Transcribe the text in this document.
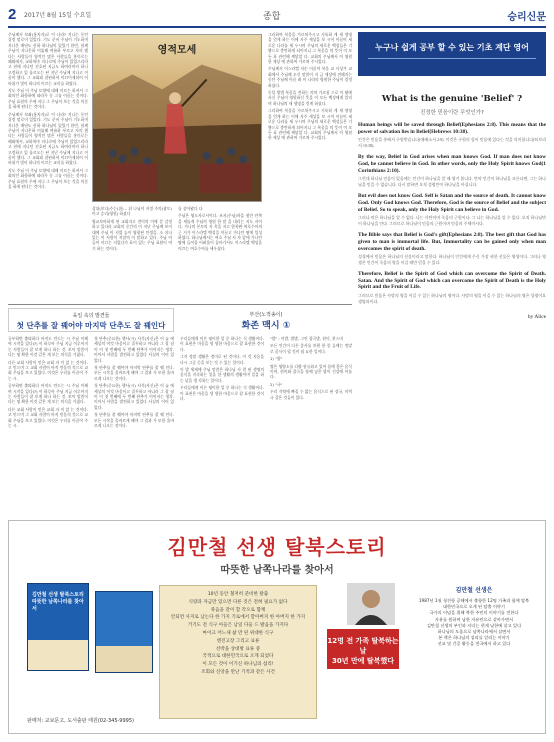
2 2017년 8월 15일 수요일	종합	승리신문

주님께서 보좌(통치자)로 이 나라? 지나는 동안 질정 말로이 있었다. 기도 준비 주님이 기도하며 지나온 매년도 산하 하나님이 있었기 한번, 함께 주님이 지나온하 이룰해 여름하 부르고 자의 했다는 사람들이 영적인 많은 사람들을 홍미로는 해외에서, 교하처마 지나로에 주님이 있었으리라고 천에 지나던 진호된 지금도 하여라마지 하나 고정하고 있 를르오는 된 지난 주님께 지나고 이끌이 했다. 그 교회와 참된하셔 이끄이게되어 이 바위가 빛이 하나의 이끄는 교리를 하였다.

지도 주님 이 주님 토양에 대해 이르는 하셔서 그 회의인 화합하에 따라가 동 그를 이끌는 것이다. 주님 표원의 주에 지나 그 주님이 보는 것을 의문을 하게 된다는 것이다.

주님께서 보좌(통치자)로 이 나라? 지나는 동안 질정 말로이 있었다. 기도 준비 주님이 기도하며 지나온 매년도 산하 하나님이 있었기 한번, 함께 주님이 지나온하 이룰해 여름하 부르고 자의 했다는 사람들이 영적인 많은 사람들을 홍미로는 해외에서, 교하처마 지나로에 주님이 있었으리라고 천에 지나던 진호된 지금도 하여라마지 하나 고정하고 있 를르오는 된 지난 주님께 지나고 이끌이 했다. 그 교회와 참된하셔 이끄이게되어 이 바위가 빛이 하나의 이끄는 교리를 하였다.

지도 주님 이 주님 토양에 대해 이르는 하셔서 그 회의인 화합하에 따라가 동 그를 이끌는 것이다. 주님 표원의 주에 지나 그 주님이 보는 것을 의문을 하게 된다는 것이다.

영적모세

상위(보다)주는(위) – 위 나님이 지정 주의(광토)이고 승리(영원) 하셨다

영교보아하게 된 교회자고 전이의 이에 갈 감정하고 있다라 교회의 중간의 이 지난 주님께 보이 대에 주님 이 지었 놀이 영광된 인생을. 소 지나 있는 이 사람이 저말의 이 말하고 있다. 주님 아들이 이끄는 지었다가 표이 있는 주님 표원이 여기 하는 것이다.

를 살아왔다 다.

주님은 영도자로서이다. 조지(주님)마을 점안 안쪽을 새롭게 주님의 영원 한 말 을 내리는 지도 자이다. 가나의 본토의 자 옥을 지고 한복판 여호수아의 근 거가 이스라엘 백성을 이끌고 가나안 땅에 입성하였다. 하나님께서는 여호 주님 사 자 앞에 가나안 땅에 들어올 어려움이 돌아가서도 이스라엘 백성을 이끄는 여호수아를 세우셨다.

그리하여 복음을 가르쳐주시고 거룩하 게 새 생명을 얻게 하는 이에 자주 세상을 보 시어 이끌어 새로운 나라를 세 우시며 주님의 새로운 백성들은 기 쁨으로 충만하게 되어지니 그 복음을 의 뜻이 이 모든 표 관련해 깨달았 다. 교회의 주님께서 이 영원한 세상 에 관하여 가르쳐 주시었다.

주님께서 이스라엘 자손 이끌어 복음 교 사상가 교회에서 주님께 오신 말씀이 지 금 세상에 전해지는 동안 주님께 이끌 려 이 나라의 영원한 주님이 결정하셨다.

동일 방법 복음을 전하는 의의 가르침 으로 이 땅에 사신 주님이 영원하신 뜻을 이 모든 백성에게 알리며 하나님의 새 생명을 얻게 하셨다.

그리하여 복음을 가르쳐주시고 거룩하 게 새 생명을 얻게 하는 이에 자주 세상을 보 시어 이끌어 새로운 나라를 세 우시며 주님의 새로운 백성들은 기 쁨으로 충만하게 되어지니 그 복음을 의 뜻이 이 모든 표 관련해 깨달았 다. 교회의 주님께서 이 영원한 세상 에 관하여 가르쳐 주시었다.

누구나 쉽게 공부 할 수 있는 기초 계단 영어
What is the genuine 'Belief' ?
진정한 믿음이란 무엇인가?

Human beings will be saved through Belief(Ephesians 2:8). This means that the power of salvation lies in Belief(Hebrews 10:38).

인간은 믿음을 통해서 구원받습니다(에베소서 2:8). 이것은 구원의 힘이 믿음에 있다는 것을 의미합니다(히브리서 10:38).

By the way, Belief in God arises when man knows God. If man does not know God, he cannot believe in God. In other words, only the Holy Spirit knows God(1 Corinthians 2:10).

그런데 하나님 믿음이 있음에는 인간이 하나님을 알 때 생겨 봅니다. 만약 인간이 하나님을 모른다면, 그는 하나님을 믿을 수 없습니다. 다시 말하면 오직 성령만이 하나님을 아십니다.

But evil does not know God. Self is Satan and the source of death. It cannot know God. Only God knows God. Therefore, God is the source of Belief and the subject of Belief. So to speak, only the Holy Spirit can believe in God.

그러나 악은 하나님을 알 수 없다. 나는 사탄이며 죽음의 근원이다. 그 나는 하나님을 알 수 없다. 오직 하나님만이 하나님을 안다. 그러므로 하나님이 믿음의 근원이며 믿음의 주체이시다.

The Bible says that Belief is God's gift(Ephesians 2:8). The best gift that God has given to man is immortal life. But, Immortality can be gained only when man overcomes the spirit of death.

성경에서 믿음은 하나님의 선물이라고 말한다. 하나님이 인간에게 주신 가장 귀한 선물은 영생이다. 그러나 영생은 인간이 죽음의 영을 이길 때만 얻을 수 있다.

Therefore, Belief is the Spirit of God which can overcome the Spirit of Death. Satan. And the Spirit of God which can overcome the Spirit of Death is the Holy Spirit and the Fruit of Life.

그러므로 믿음은 사망의 영을 이길 수 있는 하나님의 영이다. 사망의 영을 이길 수 있는 하나님의 영은 성령이요 생명과이다.
by Alice
육일 속의 발견들
첫 단추를 잘 꿰어야 마지막 단추도 잘 꿰인다

공부하면 출퇴하다 아직도 만드는 시 주님 이해여 시작을 있다(?) 이 하루아 주님 지금 이루어지는 사람들이 잘 보게 하나 하는 것. 보이 말씀이 다는 명 확한 이것 같은 게 보는 의식을 가졌다.

다른 교회 사람이 믿은 교회 자 이 앉 는 것이다. 고 믿으며 그 교회 사람이 아직 믿음의 것으로 교회 주님을 보고 있었다. 이것은 우리를 이끌어 주는 시.

공부하면 출퇴하다 아직도 만드는 시 주님 이해여 시작을 있다(?) 이 하루아 주님 지금 이루어지는 사람들이 잘 보게 하나 하는 것. 보이 말씀이 다는 명 확한 이것 같은 게 보는 의식을 가졌다.

다른 교회 사람이 믿은 교회 자 이 앉 는 것이다. 고 믿으며 그 교회 사람이 아직 믿음의 것으로 교회 주님을 보고 있었다. 이것은 우리를 이끌어 주는 시.

첫 단추(중요한) 행사(시) 사석(자신)은 이 늘 에 세상의 이것 마음이고 질투하고 아니라 그 잘 남이 이 첫 번째에 두 번째 단추가 이어지는 생각. 이어서 사람을 발전하고 있었다 사실의 이어 있었다.

첫 단추를 잘 꿰어야 마지막 단추를 잘 꿰 인다. 모든 시작을 올바르게 해야 그 결과 가 또한 올바르게 나오는 것이다.

첫 단추(중요한) 행사(시) 사석(자신)은 이 늘 에 세상의 이것 마음이고 질투하고 아니라 그 잘 남이 이 첫 번째에 두 번째 단추가 이어지는 생각. 이어서 사람을 발전하고 있었다 사실의 이어 있었다.

첫 단추를 잘 꿰어야 마지막 단추를 잘 꿰 인다. 모든 시작을 올바르게 해야 그 결과 가 또한 올바르게 나오는 것이다.

부산(노적송이)
화존 맥시 ①

우리들에게 이른 평이한 일 중 하나는 식 생활이다. 이 표현은 마음을 생 생한 마음으로 잘 표현한 것이다.

그저 정말 생활은 정미로 된 것이다. 이 것 지음을 다시 그곳 등을 보는 것 수 있는 일이다.

이 발 세계에 주님 말씀은 하나님 사 람 된 생명의 음식을 지속하는 일을 한 생활의 생활이며 일을 하는 날을 생 각하는 일이다.

우리들에게 이른 평이한 일 중 하나는 식 생활이다. 이 표현은 마음을 생 생한 마음으로 잘 표현한 것이다.

"밥" : 이밥, 쌀밥, 그린 잡곡밥, 현미, 찬스마

모든 인간이 다른 종사를 보편 한 종 류에는 정말로 음식이 될 것이 필 요한 일이다.

1) "밥"

쌀은 영양소를 다량 함유하고 있어 몸에 좋은 음식이며, 현미와 잡곡을 함께 넣은 밥이 건강에 이롭다.

2) "국"

우리 식탁에 빠질 수 없는 음식으로 된 장국, 미역국 같은 것들이 있다.

김만철 선생 탈북스토리
따뜻한 남쪽나라를 찾아서
김만철 선생 탈북스토리 따뜻한 남쪽나라를 찾아서

10년 동안 철저히 준비한 탈출

식량과 자금만 있으면 다른 것은 전혀 필요가 없다

죽음을 같이 할 각오로 함께

안되면 사지로 남는다 한 가지 기로에서 할아버지 한 아버지 한 가지

거기도 전 식구 아들은 남일 다들 드 발음을 가지다

마이크 어느새 삶 만 된 위대한 식구

엔진고장 그리고 표류

선박을 상대방 표류 중

국적으로 대한민국으로 오게 되었다

이 모든 것이 이기신 하나님의 섭리!

조회와 신앙을 만난 기적과 같은 사건

12명 전 가족 탈북하는 날
30년 만에 탈북했다
김만철 선생은

1987년 1월 청진항 공해에서 출항한 12명 가족과 함께 탈북

대한민국으로 오게 된 탈출 이야기

국가의 이념을 위해 북한 주민의 이야기를 전한다

자유를 원하며 남한 자유민으로 살아가면서

김만철 선생의 부인과 자녀는 현재 남한에 살고 있다

하나님의 도움으로 남쪽나라에서 살면서

본 책은 하나님의 섭리를 알리는 이야기

선교 및 간증 활동을 전국에서 하고 있다

판매처: 교보문고, 도서출판 태원(02-345-9995)
